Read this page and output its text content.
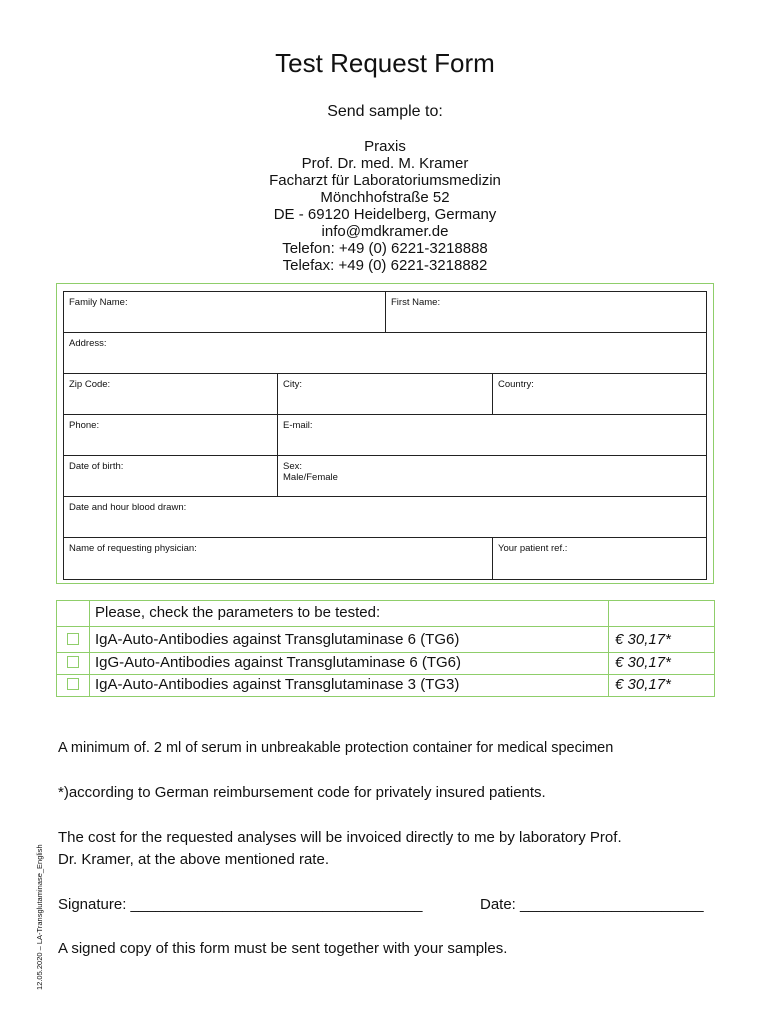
Test Request Form
Send sample to:
Praxis
Prof. Dr. med. M. Kramer
Facharzt für Laboratoriumsmedizin
Mönchhofstraße 52
DE - 69120 Heidelberg, Germany
info@mdkramer.de
Telefon: +49 (0) 6221-3218888
Telefax: +49 (0) 6221-3218882
Family Name:	First Name:
Address:
Zip Code:	City:	Country:
Phone:	E-mail:
Date of birth:	Sex:
Male/Female
Date and hour blood drawn:
Name of requesting physician:	Your patient ref.:
Please, check the parameters to be tested:
IgA-Auto-Antibodies against Transglutaminase 6 (TG6)	€ 30,17*
IgG-Auto-Antibodies against Transglutaminase 6 (TG6)	€ 30,17*
IgA-Auto-Antibodies against Transglutaminase 3 (TG3)	€ 30,17*
A minimum of. 2 ml of serum in unbreakable protection container for medical specimen
*)according to German reimbursement code for privately insured patients.
The cost for the requested analyses will be invoiced directly to me by laboratory Prof.
Dr. Kramer, at the above mentioned rate.
Signature: ___________________________________	Date: ______________________
A signed copy of this form must be sent together with your samples.
12.05.2020 – LA-Transglutaminase_English
